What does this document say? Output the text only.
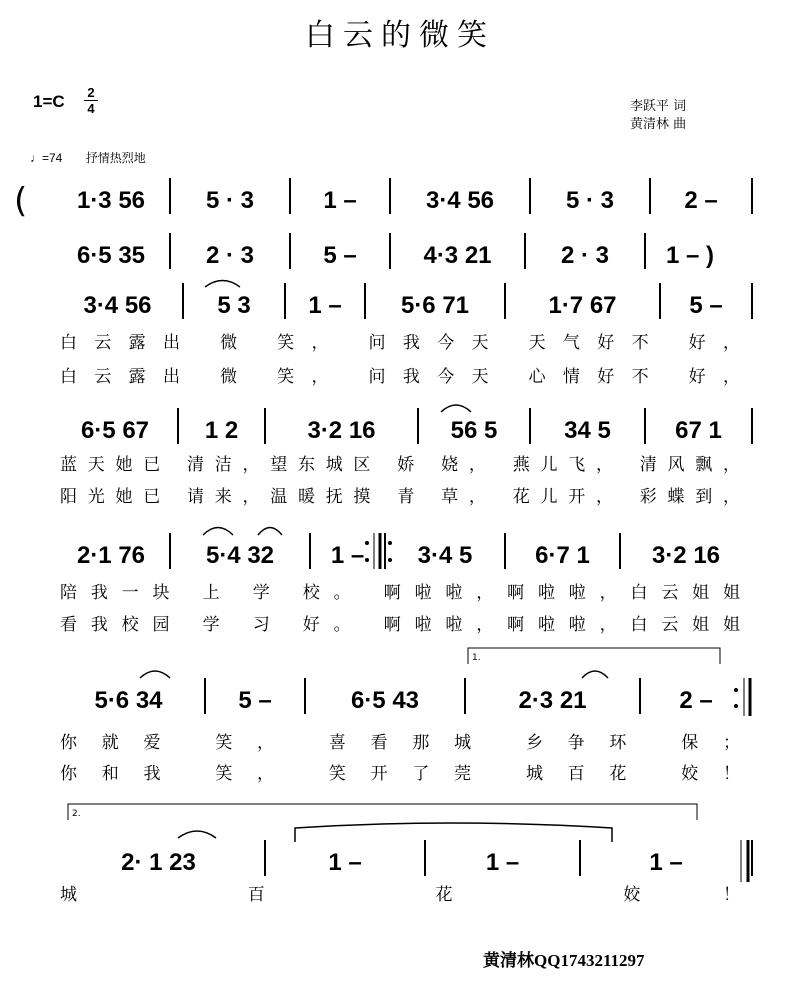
白云的微笑
1=C 2
4	李跃平 词
黄清林 曲
♩=74 抒情热烈地
1·3 56	5 · 3	1 –	3·4 56	5 · 3	2 –
6·5 35	2 · 3	5 –	4·3 21	2 · 3 1 – )
3·4 56	5 3 1 – 5·6 71	1·7 67	5 –
白云露出 微 笑， 问我今天 天气好不 好，
白云露出 微 笑， 问我今天 心情好不 好，
6·5 67 1 2	3·2 16	56 5	34 5	67 1
蓝天她已 清洁，望东城区 娇 娆， 燕儿飞， 清风飘，
阳光她已 请来，温暖抚摸 青 草， 花儿开， 彩蝶到，
2·1 76	5·4 32 1 – 3·4 5	6·7 1	3·2 16
陪我一块 上 学 校。 啊啦啦，啊啦啦，白云姐姐
看我校园 学 习 好。 啊啦啦，啊啦啦，白云姐姐
5·6 34	5 –	6·5 43	2·3 21	2 –
你就爱 笑， 喜看那城 乡争环 保；
你和我 笑， 笑开了莞 城百花 姣！
2· 1 23	1 –	1 –	1 –
城 百 花 姣！
(
1.
2.
黄清林QQ1743211297
